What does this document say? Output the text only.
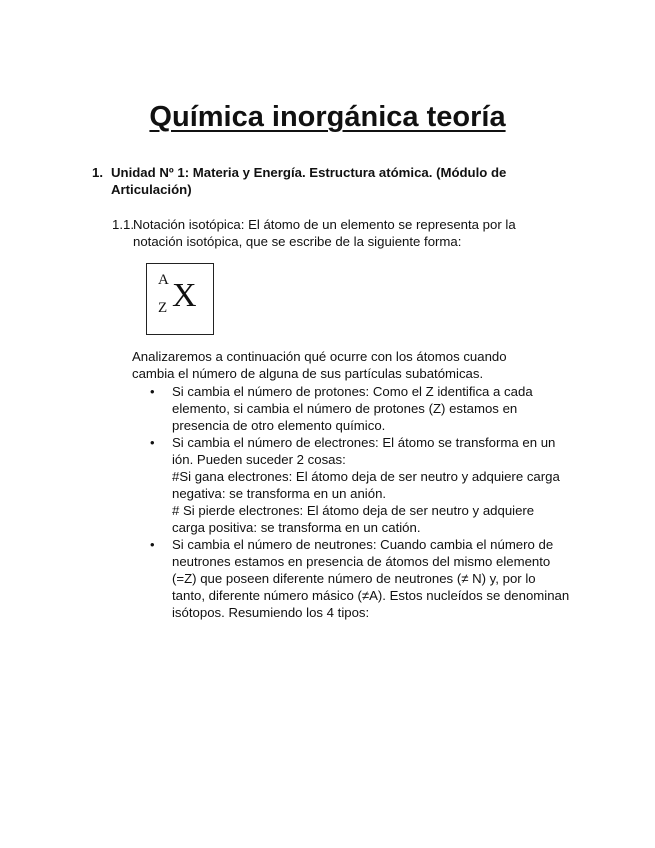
Química inorgánica teoría
1. Unidad Nº 1: Materia y Energía. Estructura atómica. (Módulo de Articulación)
1.1. Notación isotópica: El átomo de un elemento se representa por la notación isotópica, que se escribe de la siguiente forma:
A
Z X
Analizaremos a continuación qué ocurre con los átomos cuando cambia el número de alguna de sus partículas subatómicas.
• Si cambia el número de protones: Como el Z identifica a cada elemento, si cambia el número de protones (Z) estamos en presencia de otro elemento químico.
• Si cambia el número de electrones: El átomo se transforma en un ión. Pueden suceder 2 cosas:
#Si gana electrones: El átomo deja de ser neutro y adquiere carga negativa: se transforma en un anión.
# Si pierde electrones: El átomo deja de ser neutro y adquiere carga positiva: se transforma en un catión.
• Si cambia el número de neutrones: Cuando cambia el número de neutrones estamos en presencia de átomos del mismo elemento (=Z) que poseen diferente número de neutrones (≠ N) y, por lo tanto, diferente número másico (≠A). Estos nucleídos se denominan isótopos. Resumiendo los 4 tipos:
